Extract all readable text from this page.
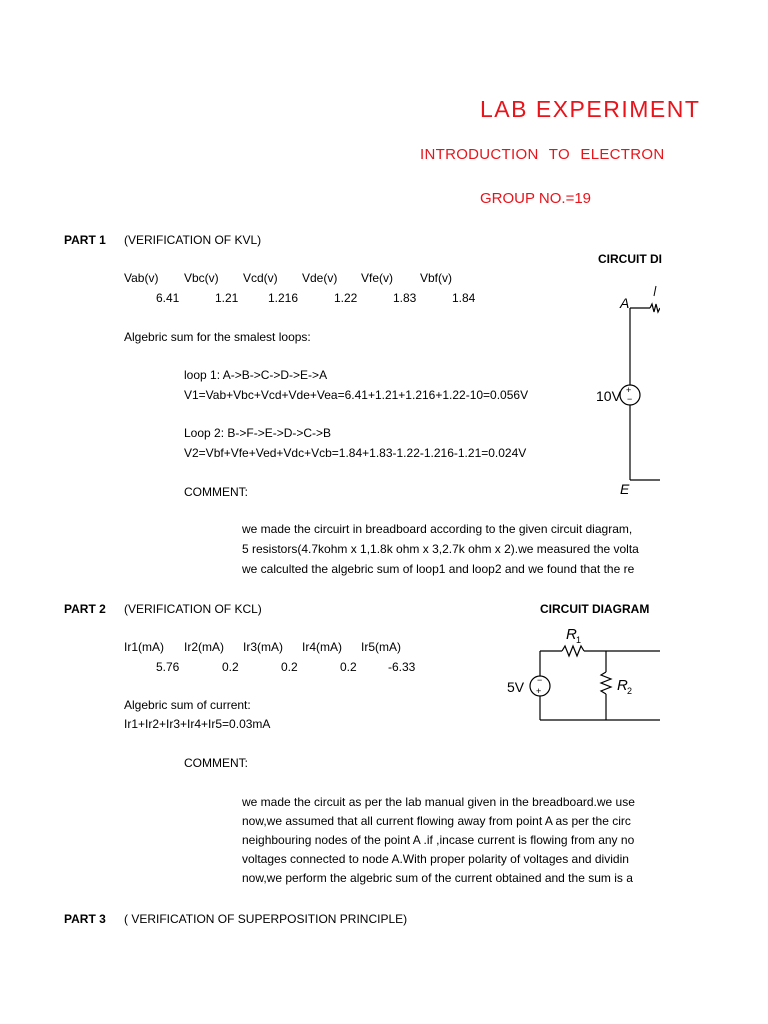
LAB EXPERIMENT
INTRODUCTION TO ELECTRON
GROUP NO.=19
PART 1 (VERIFICATION OF KVL)
CIRCUIT DI
Vab(v) Vbc(v) Vcd(v) Vde(v) Vfe(v) Vbf(v)
6.41	1.21 1.216	1.22	1.83	1.84
Algebric sum for the smalest loops:
loop 1: A->B->C->D->E->A
V1=Vab+Vbc+Vcd+Vde+Vea=6.41+1.21+1.216+1.22-10=0.056V
Loop 2: B->F->E->D->C->B
V2=Vbf+Vfe+Ved+Vdc+Vcb=1.84+1.83-1.22-1.216-1.21=0.024V
COMMENT:
we made the circuirt in breadboard according to the given circuit diagram,
5 resistors(4.7kohm x 1,1.8k ohm x 3,2.7k ohm x 2).we measured the volta
we calculted the algebric sum of loop1 and loop2 and we found that the re
+
−
A
E
10V
PART 2 (VERIFICATION OF KCL)	CIRCUIT DIAGRAM
Ir1(mA) Ir2(mA) Ir3(mA) Ir4(mA) Ir5(mA)
5.76	0.2	0.2	0.2	-6.33
Algebric sum of current:
Ir1+Ir2+Ir3+Ir4+Ir5=0.03mA
COMMENT:
we made the circuit as per the lab manual given in the breadboard.we use
now,we assumed that all current flowing away from point A as per the circ
neighbouring nodes of the point A .if ,incase current is flowing from any no
voltages connected to node A.With proper polarity of voltages and dividin
now,we perform the algebric sum of the current obtained and the sum is a
−
+
R 1
R 2
5V
PART 3 ( VERIFICATION OF SUPERPOSITION PRINCIPLE)
